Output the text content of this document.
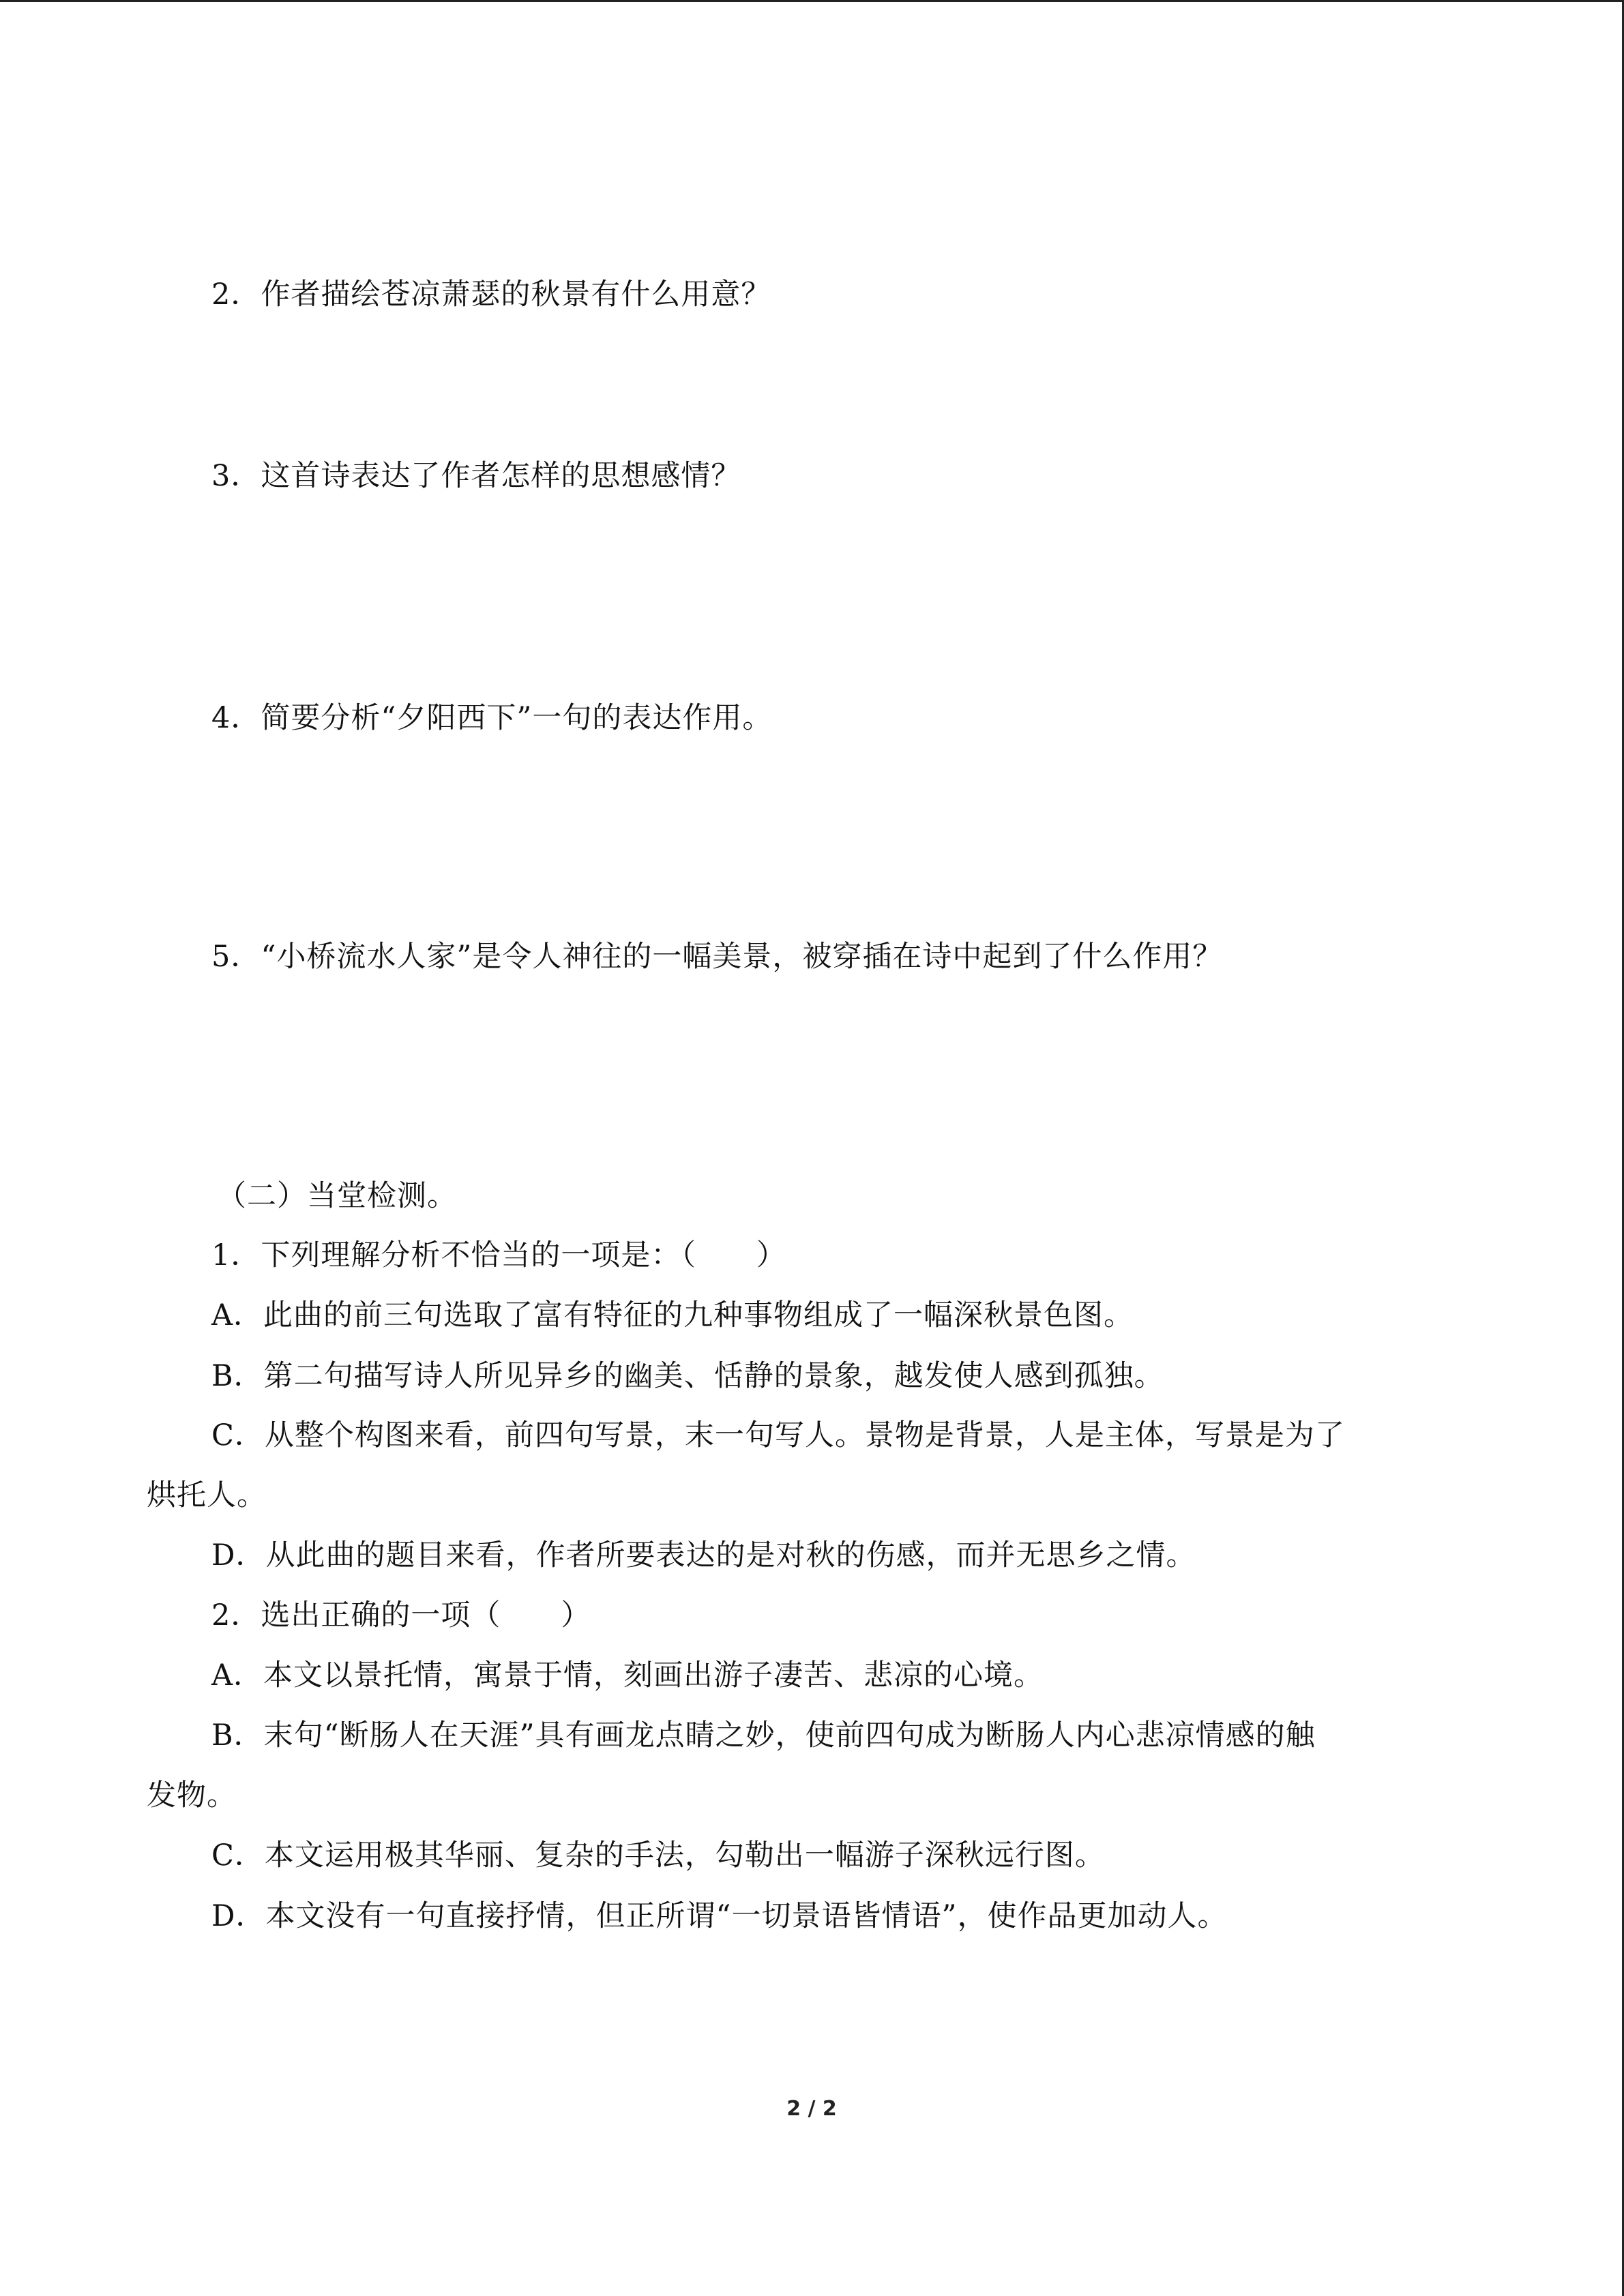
2．作者描绘苍凉萧瑟的秋景有什么用意？
3．这首诗表达了作者怎样的思想感情？
4．简要分析“夕阳西下”一句的表达作用。
5．“小桥流水人家”是令人神往的一幅美景，被穿插在诗中起到了什么作用？
（二）当堂检测。
1．下列理解分析不恰当的一项是：（　　）
A．此曲的前三句选取了富有特征的九种事物组成了一幅深秋景色图。
B．第二句描写诗人所见异乡的幽美、恬静的景象，越发使人感到孤独。
C．从整个构图来看，前四句写景，末一句写人。景物是背景，人是主体，写景是为了
烘托人。
D．从此曲的题目来看，作者所要表达的是对秋的伤感，而并无思乡之情。
2．选出正确的一项（　　）
A．本文以景托情，寓景于情，刻画出游子凄苦、悲凉的心境。
B．末句“断肠人在天涯”具有画龙点睛之妙，使前四句成为断肠人内心悲凉情感的触
发物。
C．本文运用极其华丽、复杂的手法，勾勒出一幅游子深秋远行图。
D．本文没有一句直接抒情，但正所谓“一切景语皆情语”，使作品更加动人。
2 / 2
